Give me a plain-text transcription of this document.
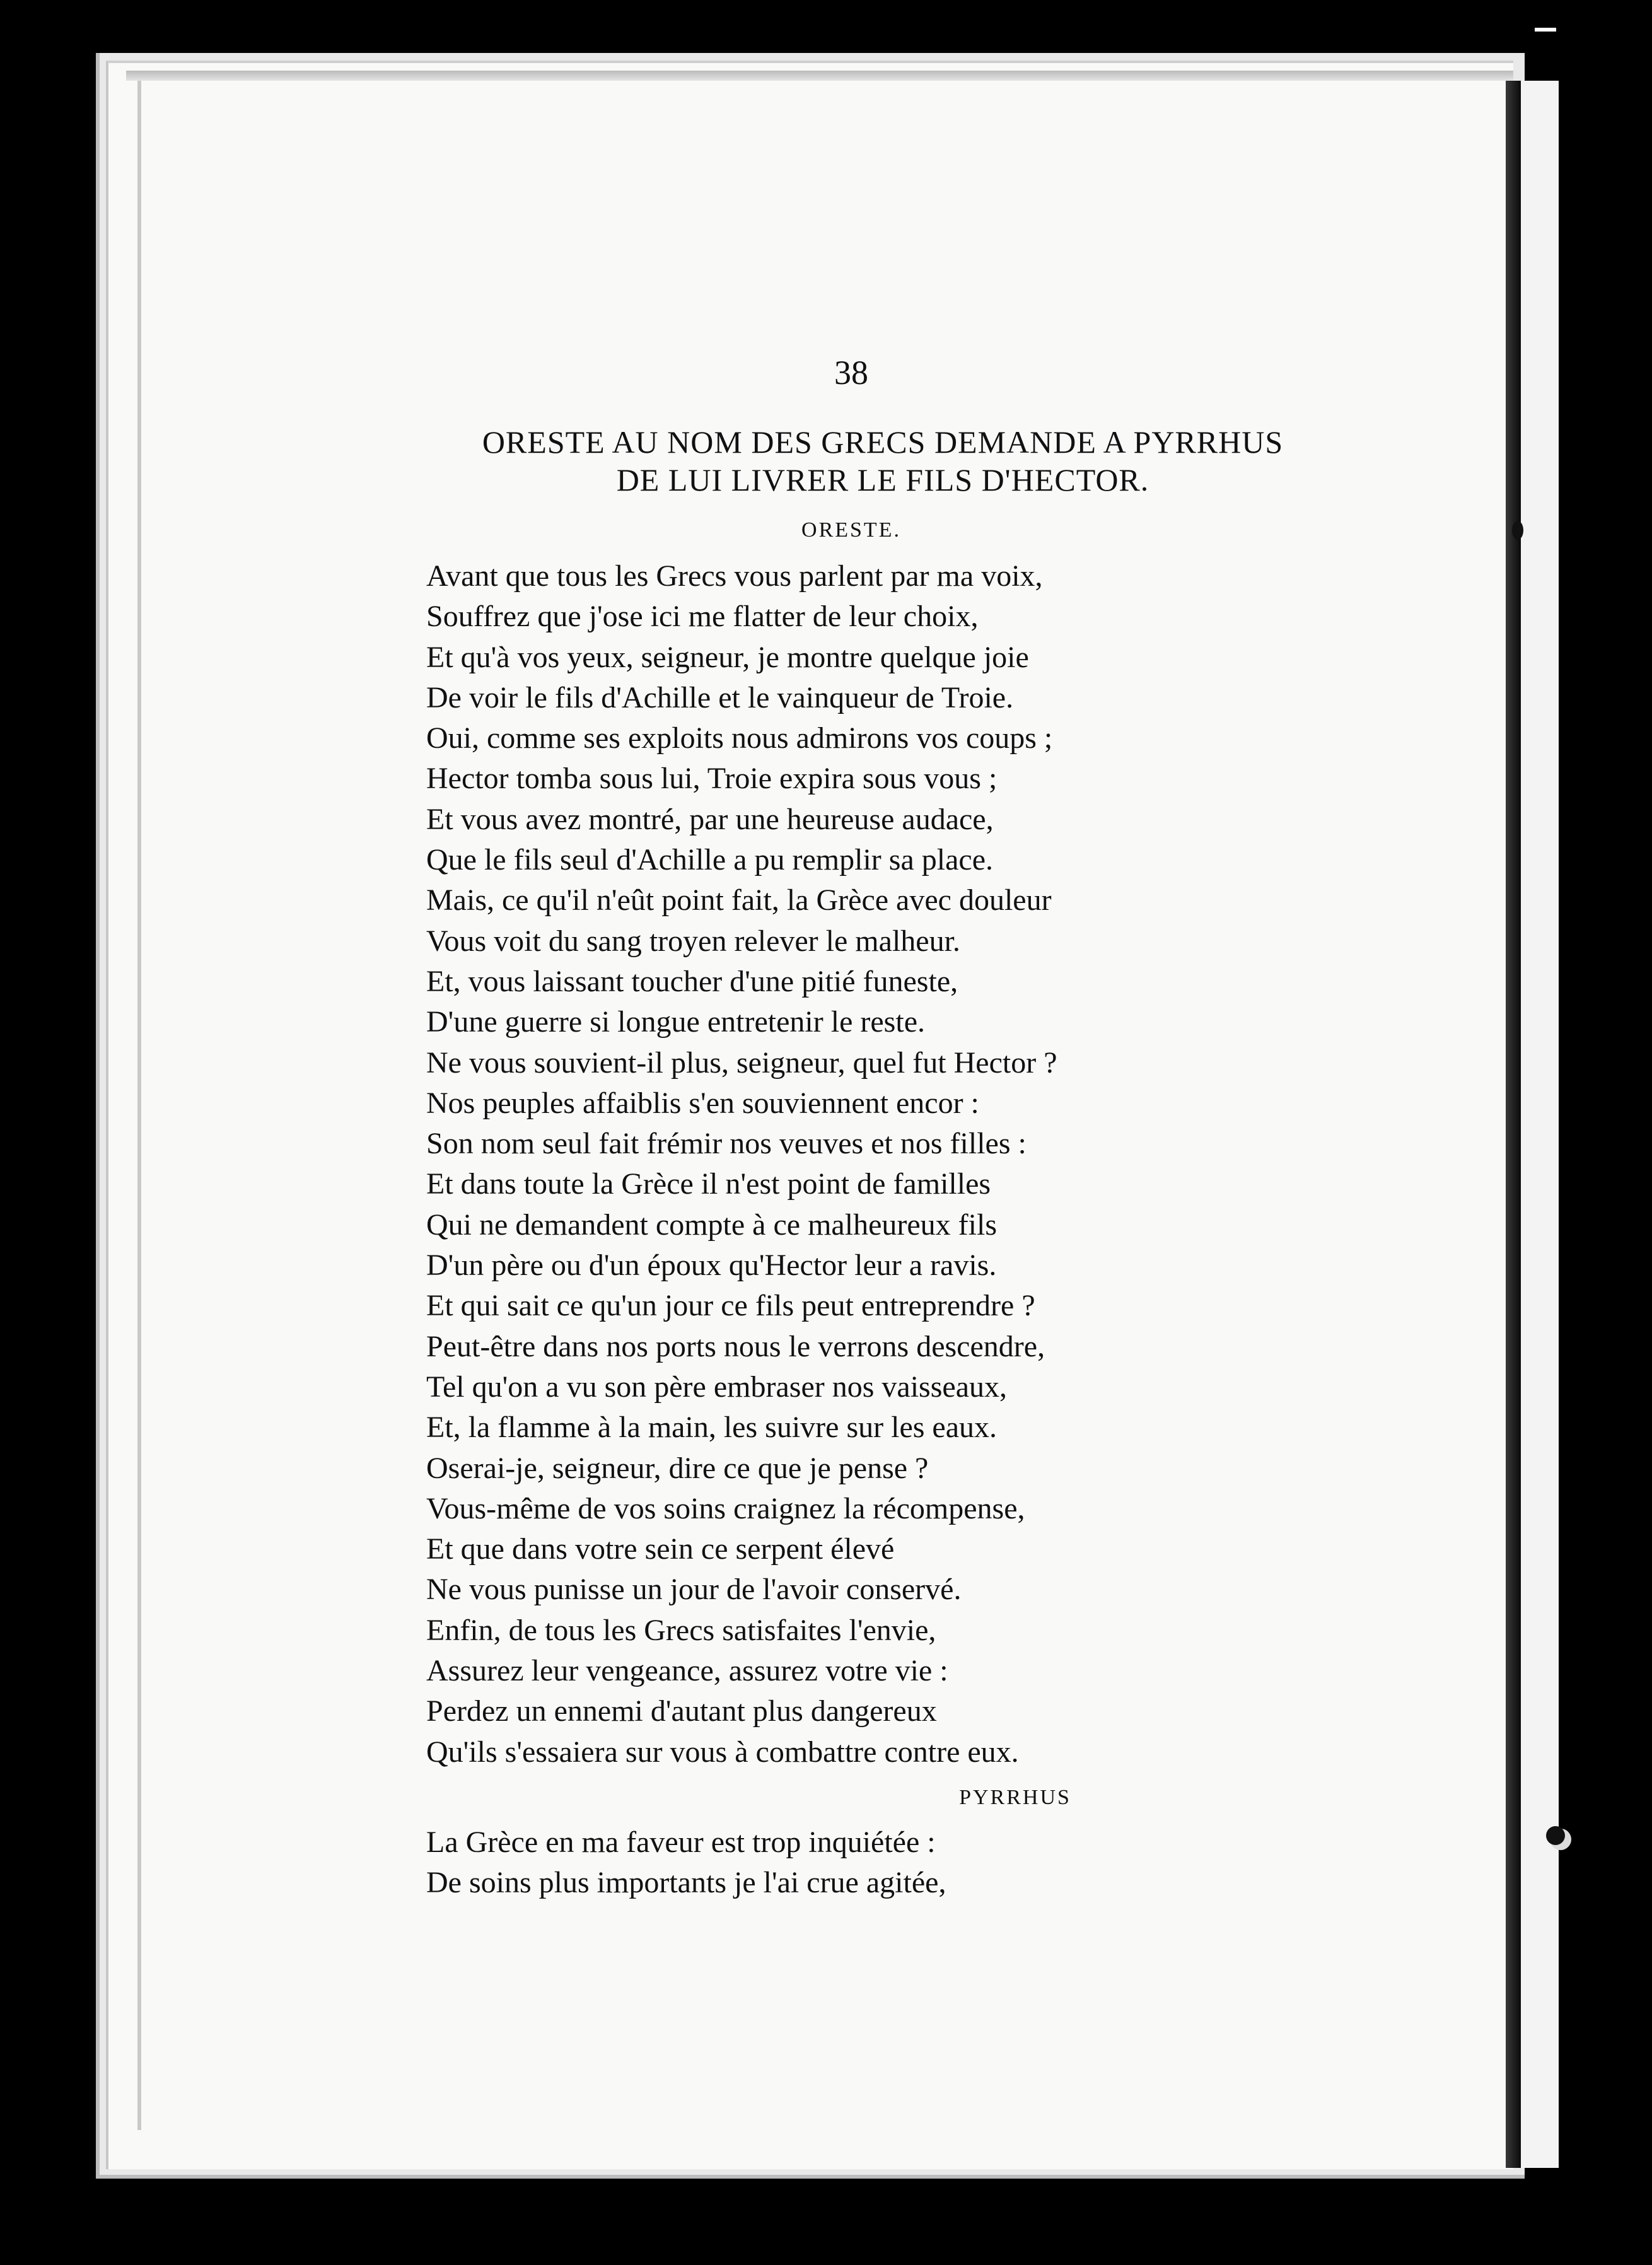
38
ORESTE AU NOM DES GRECS DEMANDE A PYRRHUS
DE LUI LIVRER LE FILS D'HECTOR.
ORESTE.
Avant que tous les Grecs vous parlent par ma voix,
Souffrez que j'ose ici me flatter de leur choix,
Et qu'à vos yeux, seigneur, je montre quelque joie
De voir le fils d'Achille et le vainqueur de Troie.
Oui, comme ses exploits nous admirons vos coups ;
Hector tomba sous lui, Troie expira sous vous ;
Et vous avez montré, par une heureuse audace,
Que le fils seul d'Achille a pu remplir sa place.
Mais, ce qu'il n'eût point fait, la Grèce avec douleur
Vous voit du sang troyen relever le malheur.
Et, vous laissant toucher d'une pitié funeste,
D'une guerre si longue entretenir le reste.
Ne vous souvient-il plus, seigneur, quel fut Hector ?
Nos peuples affaiblis s'en souviennent encor :
Son nom seul fait frémir nos veuves et nos filles :
Et dans toute la Grèce il n'est point de familles
Qui ne demandent compte à ce malheureux fils
D'un père ou d'un époux qu'Hector leur a ravis.
Et qui sait ce qu'un jour ce fils peut entreprendre ?
Peut-être dans nos ports nous le verrons descendre,
Tel qu'on a vu son père embraser nos vaisseaux,
Et, la flamme à la main, les suivre sur les eaux.
Oserai-je, seigneur, dire ce que je pense ?
Vous-même de vos soins craignez la récompense,
Et que dans votre sein ce serpent élevé
Ne vous punisse un jour de l'avoir conservé.
Enfin, de tous les Grecs satisfaites l'envie,
Assurez leur vengeance, assurez votre vie :
Perdez un ennemi d'autant plus dangereux
Qu'ils s'essaiera sur vous à combattre contre eux.
PYRRHUS
La Grèce en ma faveur est trop inquiétée :
De soins plus importants je l'ai crue agitée,
